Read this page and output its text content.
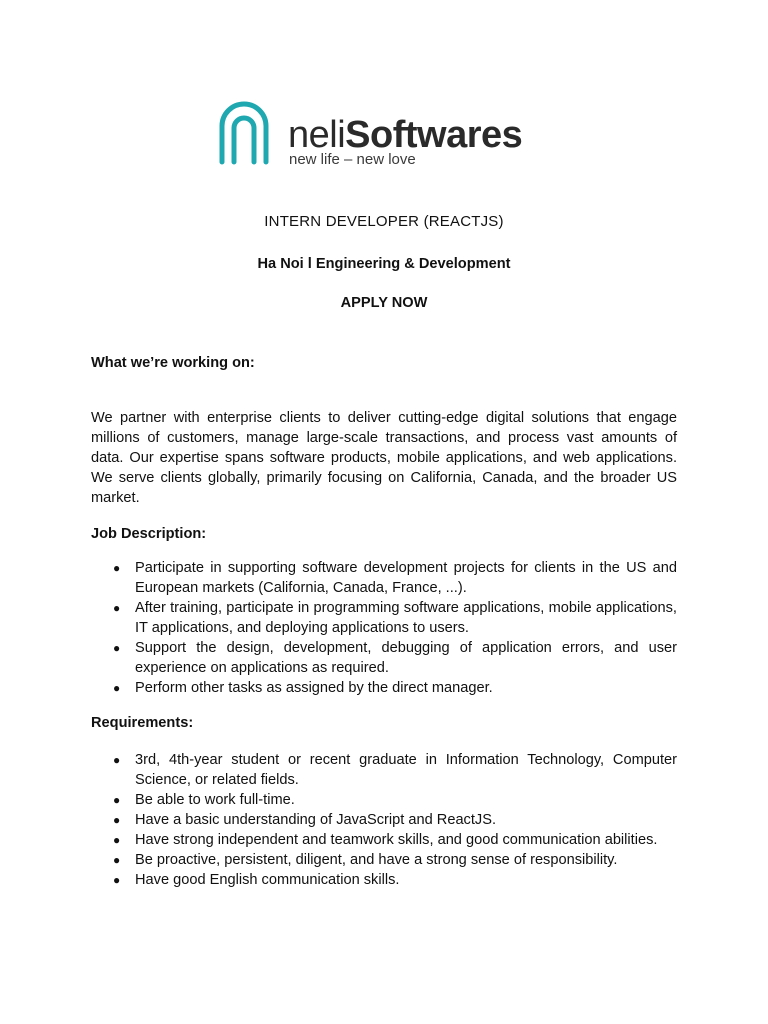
neliSoftwares
new life – new love
INTERN DEVELOPER (REACTJS)
Ha Noi l Engineering & Development
APPLY NOW
What we’re working on:
We partner with enterprise clients to deliver cutting-edge digital solutions that engage millions of customers, manage large-scale transactions, and process vast amounts of data. Our expertise spans software products, mobile applications, and web applications. We serve clients globally, primarily focusing on California, Canada, and the broader US market.
Job Description:
● Participate in supporting software development projects for clients in the US and European markets (California, Canada, France, ...).
● After training, participate in programming software applications, mobile applications, IT applications, and deploying applications to users.
● Support the design, development, debugging of application errors, and user experience on applications as required.
● Perform other tasks as assigned by the direct manager.
Requirements:
● 3rd, 4th-year student or recent graduate in Information Technology, Computer Science, or related fields.
● Be able to work full-time.
● Have a basic understanding of JavaScript and ReactJS.
● Have strong independent and teamwork skills, and good communication abilities.
● Be proactive, persistent, diligent, and have a strong sense of responsibility.
● Have good English communication skills.
